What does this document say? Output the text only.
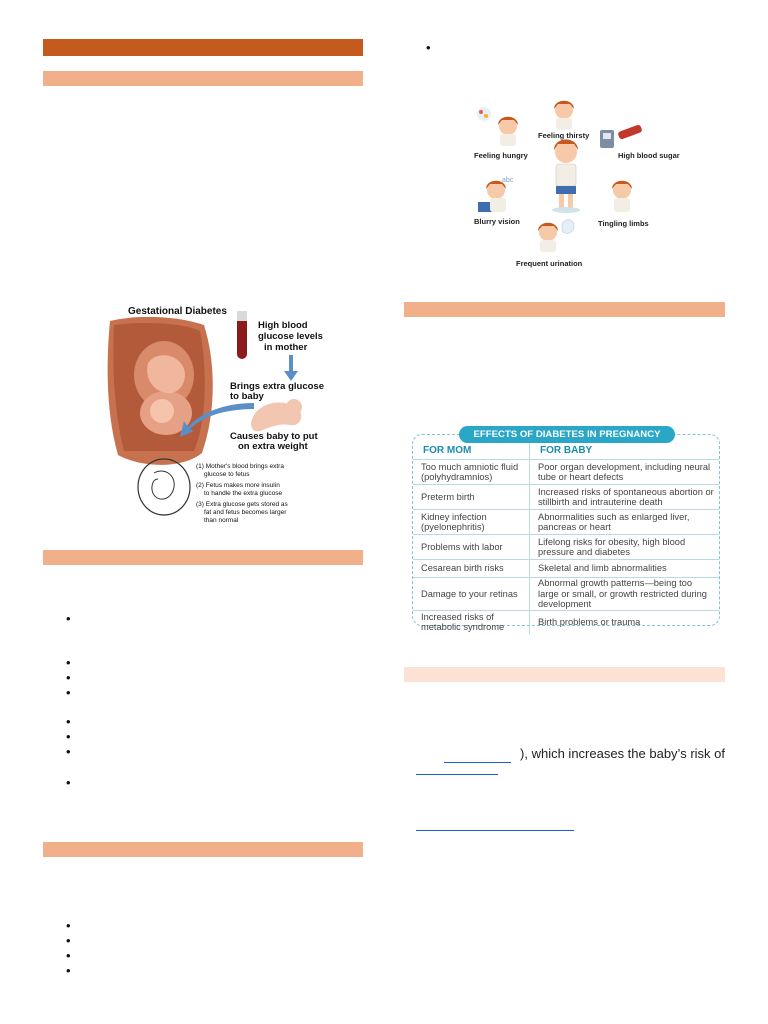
Gestational Diabetes
High blood glucose levels in mother
Brings extra glucose to baby
Causes baby to put on extra weight
(1) Mother's blood brings extra glucose to fetus (2) Fetus makes more insulin to handle the extra glucose (3) Extra glucose gets stored as fat and fetus becomes larger than normal
•
•
•
•
•
•
•
•
•
•
•
•
•
Feeling thirsty
Feeling hungry	High blood sugar
abc
Blurry vision	Tingling limbs
Frequent urination
FOR MOM	FOR BABY
Too much amniotic fluid (polyhydramnios)	Poor organ development, including neural tube or heart defects
Preterm birth	Increased risks of spontaneous abortion or stillbirth and intrauterine death
Kidney infection (pyelonephritis)	Abnormalities such as enlarged liver, pancreas or heart
Problems with labor	Lifelong risks for obesity, high blood pressure and diabetes
Cesarean birth risks	Skeletal and limb abnormalities
Damage to your retinas	Abnormal growth patterns—being too large or small, or growth restricted during development
Increased risks of metabolic syndrome	Birth problems or trauma
EFFECTS OF DIABETES IN PREGNANCY
), which increases the baby’s risk of
